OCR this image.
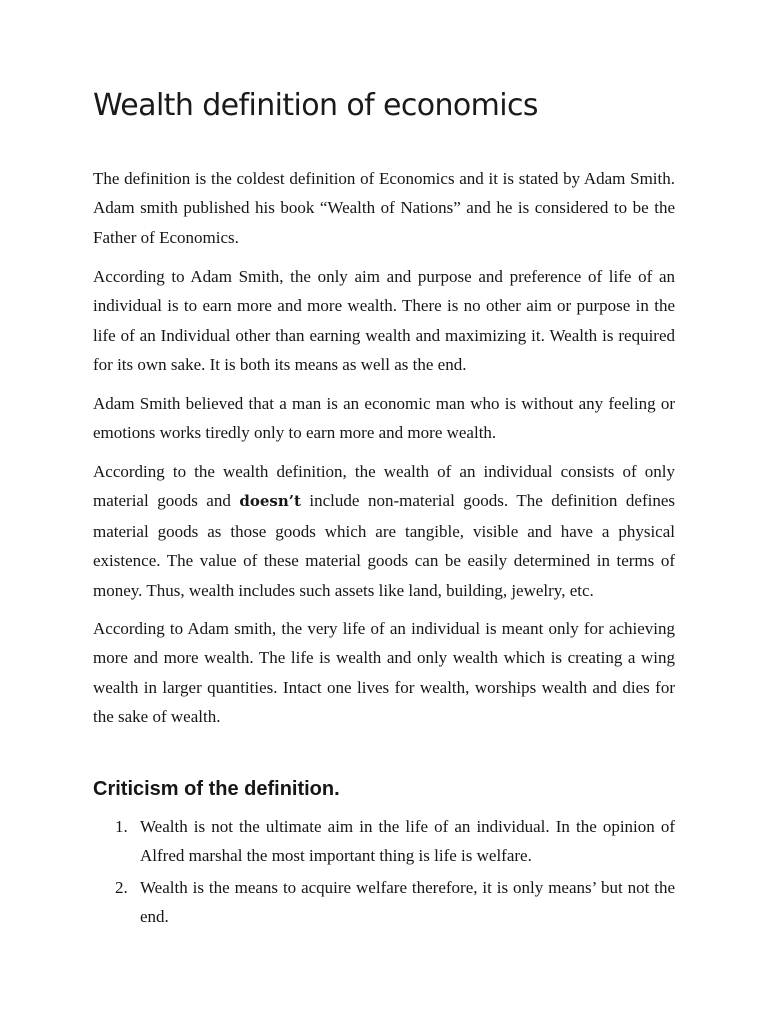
Wealth definition of economics

The definition is the coldest definition of Economics and it is stated by Adam Smith. Adam smith published his book “Wealth of Nations” and he is considered to be the Father of Economics.

According to Adam Smith, the only aim and purpose and preference of life of an individual is to earn more and more wealth. There is no other aim or purpose in the life of an Individual other than earning wealth and maximizing it. Wealth is required for its own sake. It is both its means as well as the end.

Adam Smith believed that a man is an economic man who is without any feeling or emotions works tiredly only to earn more and more wealth.

According to the wealth definition, the wealth of an individual consists of only material goods and doesn’t include non-material goods. The definition defines material goods as those goods which are tangible, visible and have a physical existence. The value of these material goods can be easily determined in terms of money. Thus, wealth includes such assets like land, building, jewelry, etc.

According to Adam smith, the very life of an individual is meant only for achieving more and more wealth. The life is wealth and only wealth which is creating a wing wealth in larger quantities. Intact one lives for wealth, worships wealth and dies for the sake of wealth.

Criticism of the definition.
1. Wealth is not the ultimate aim in the life of an individual. In the opinion of Alfred marshal the most important thing is life is welfare.
2. Wealth is the means to acquire welfare therefore, it is only means’ but not the end.
